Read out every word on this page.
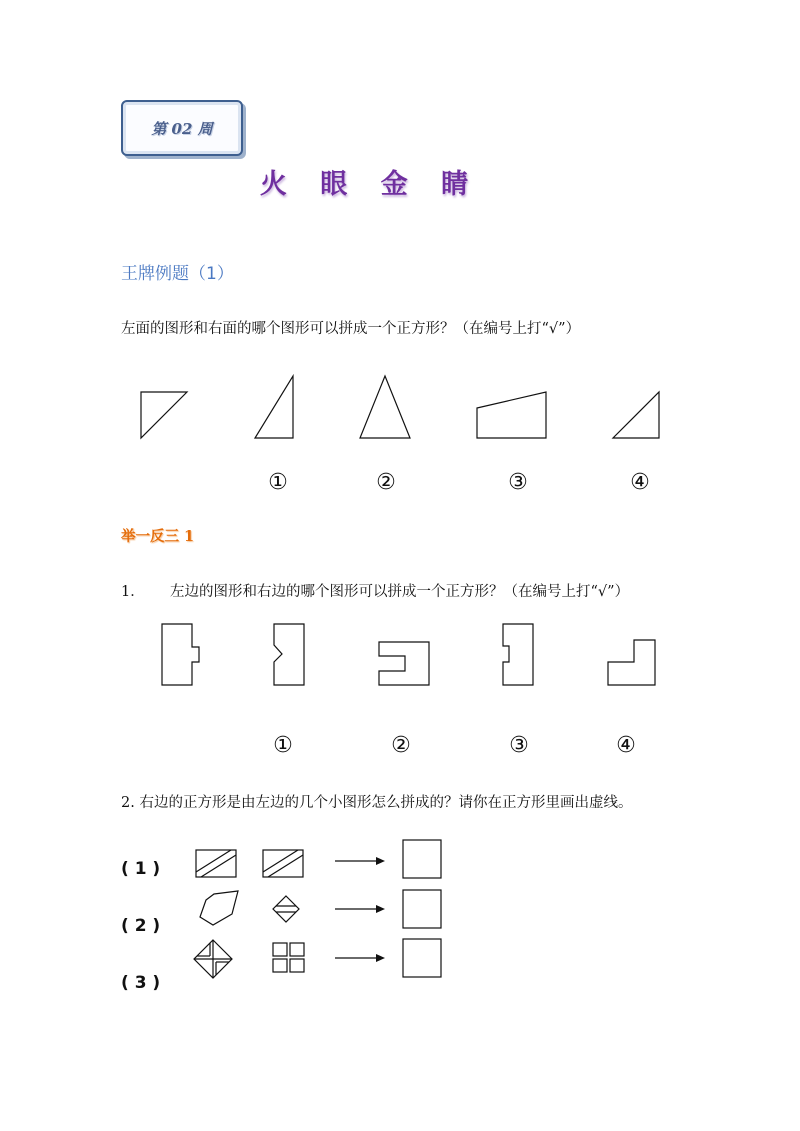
第 02 周
火 眼 金 睛
王牌例题（1）
左面的图形和右面的哪个图形可以拼成一个正方形？（在编号上打“√”）
①	②	③	④
举一反三 1
1． 左边的图形和右边的哪个图形可以拼成一个正方形？（在编号上打“√”）
①	②	③	④
2. 右边的正方形是由左边的几个小图形怎么拼成的？请你在正方形里画出虚线。
( 1 )
( 2 )
( 3 )
